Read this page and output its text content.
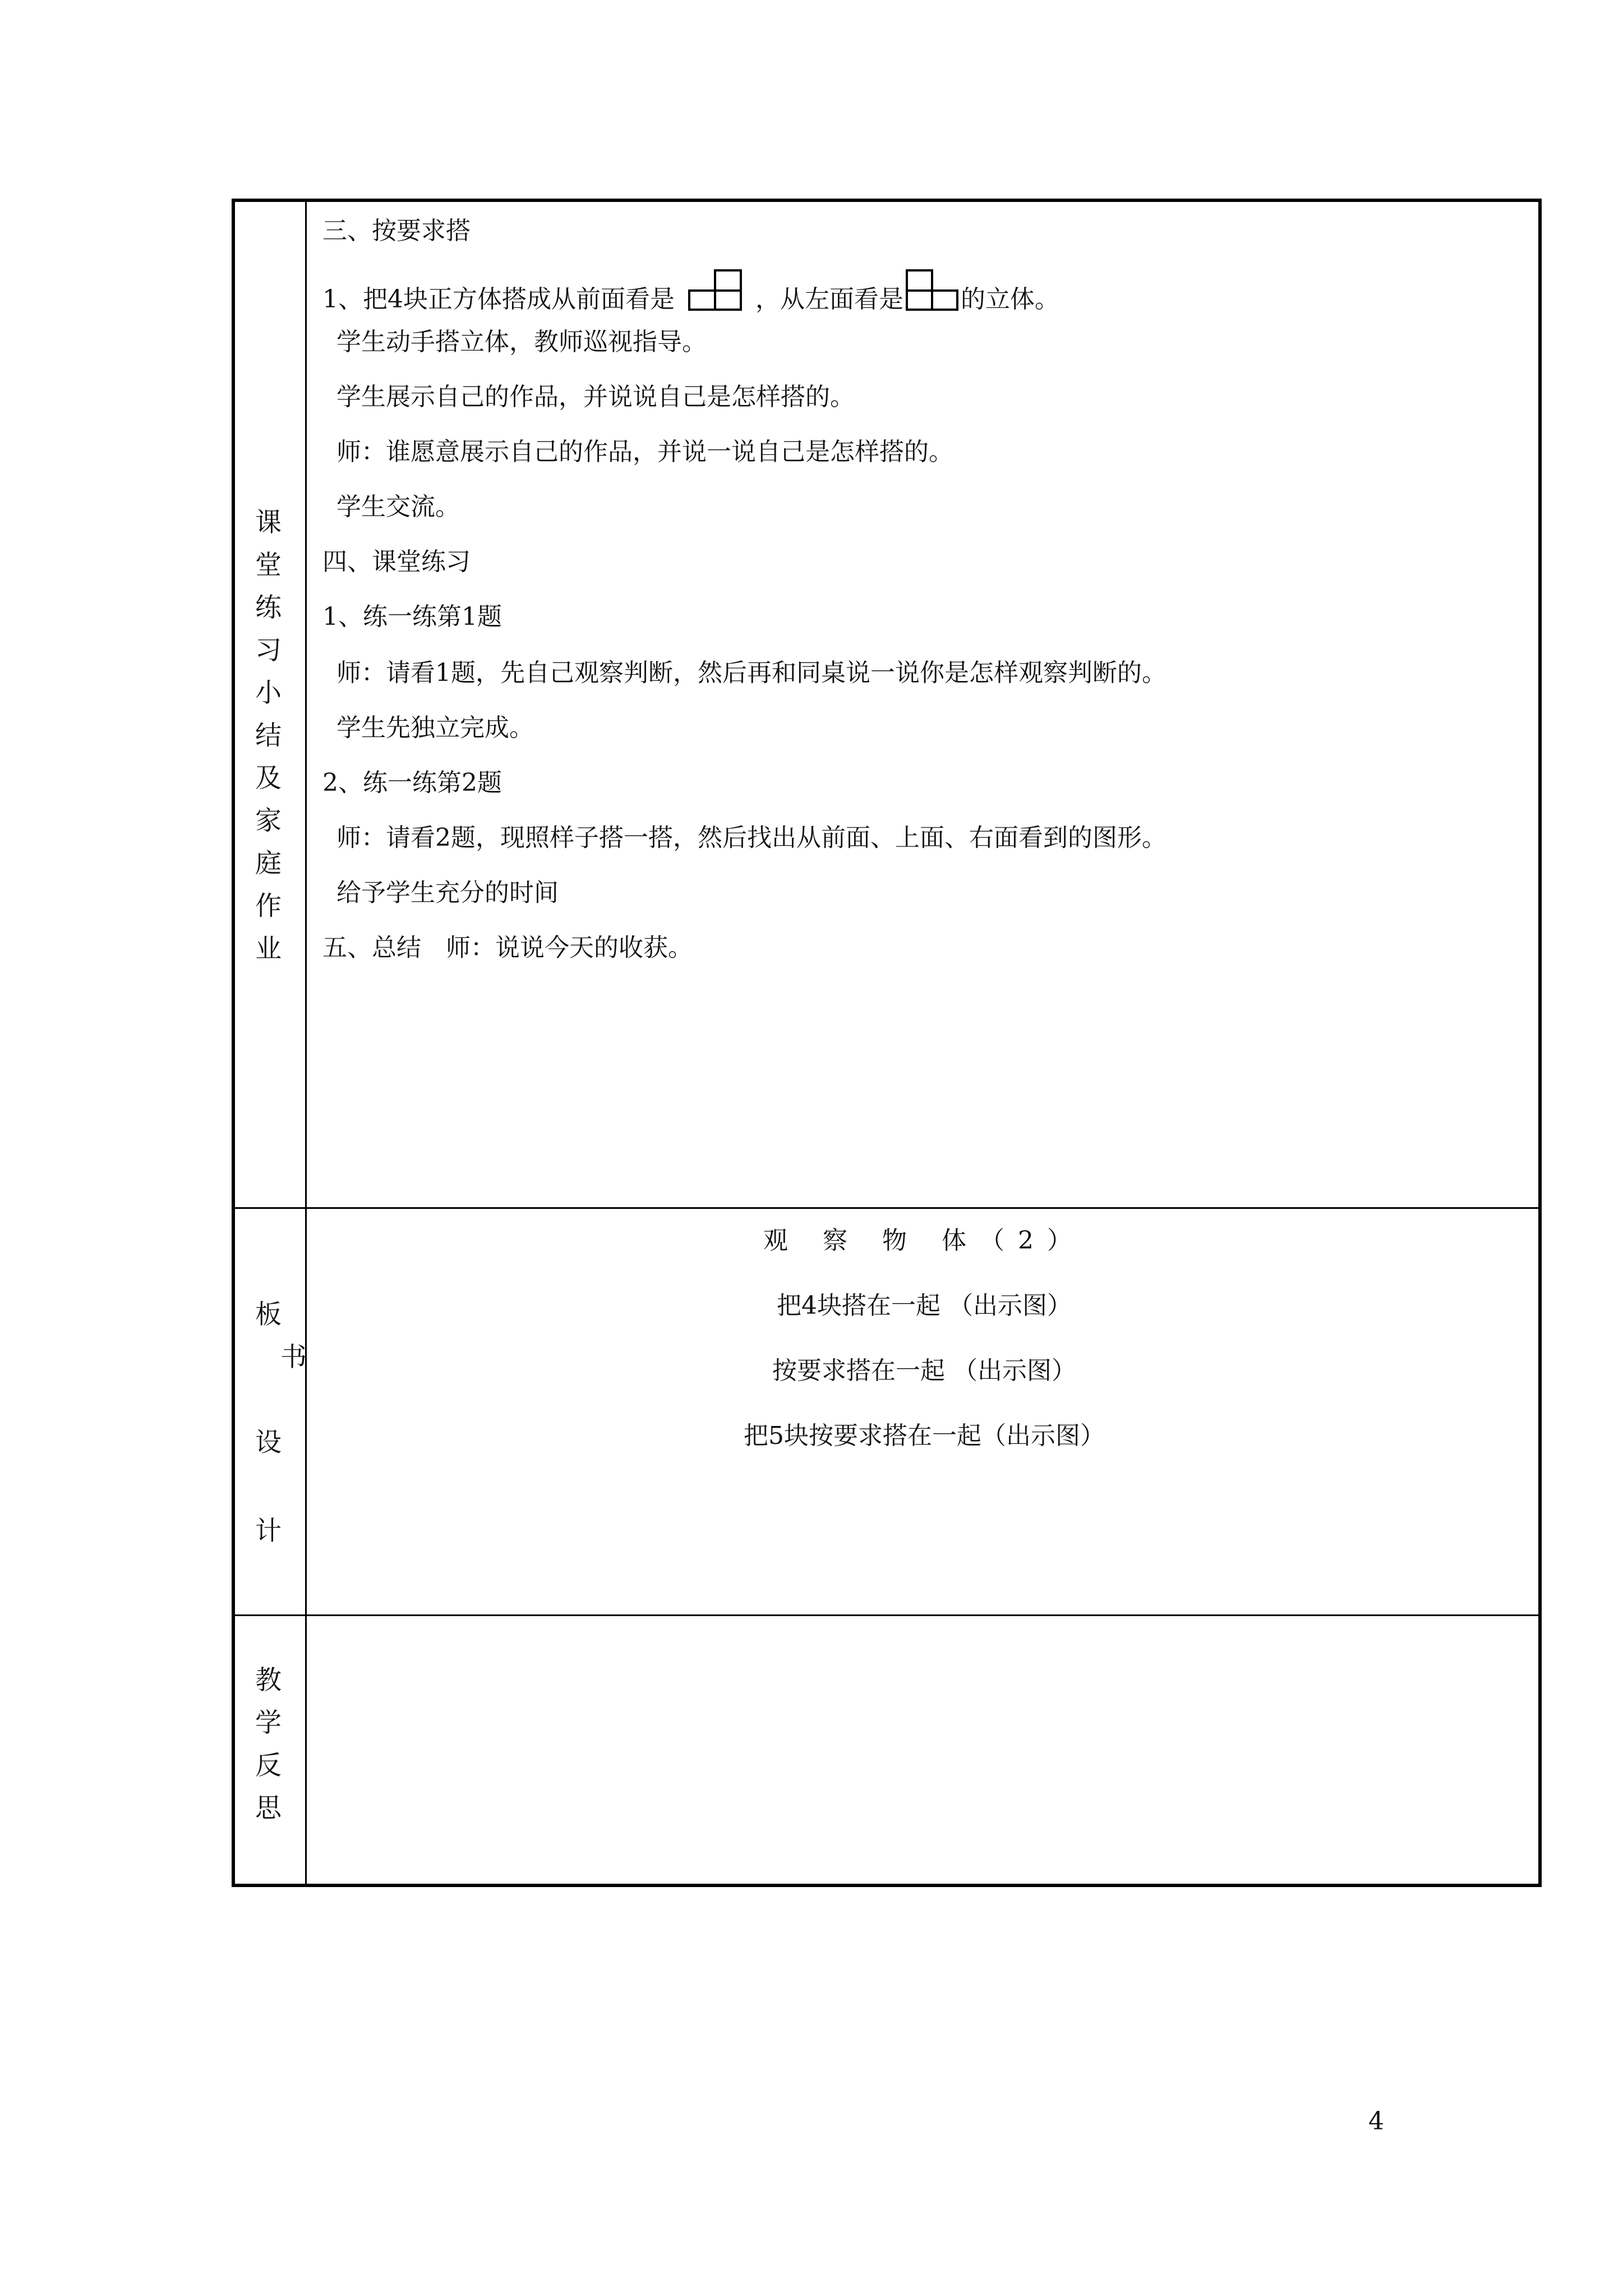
课
堂
练
习
小
结
及
家
庭
作
业
三、按要求搭
1、把4块正方体搭成从前面看是	，从左面看是 的立体。
学生动手搭立体，教师巡视指导。
学生展示自己的作品，并说说自己是怎样搭的。
师：谁愿意展示自己的作品，并说一说自己是怎样搭的。
学生交流。
四、课堂练习
1、练一练第1题
师：请看1题，先自己观察判断，然后再和同桌说一说你是怎样观察判断的。
学生先独立完成。
2、练一练第2题
师：请看2题，现照样子搭一搭，然后找出从前面、上面、右面看到的图形。
给予学生充分的时间
五、总结　师：说说今天的收获。
板
书
设
计
观 察 物 体（2）
把4块搭在一起 （出示图）
按要求搭在一起 （出示图）
把5块按要求搭在一起（出示图）
教
学
反
思
4
